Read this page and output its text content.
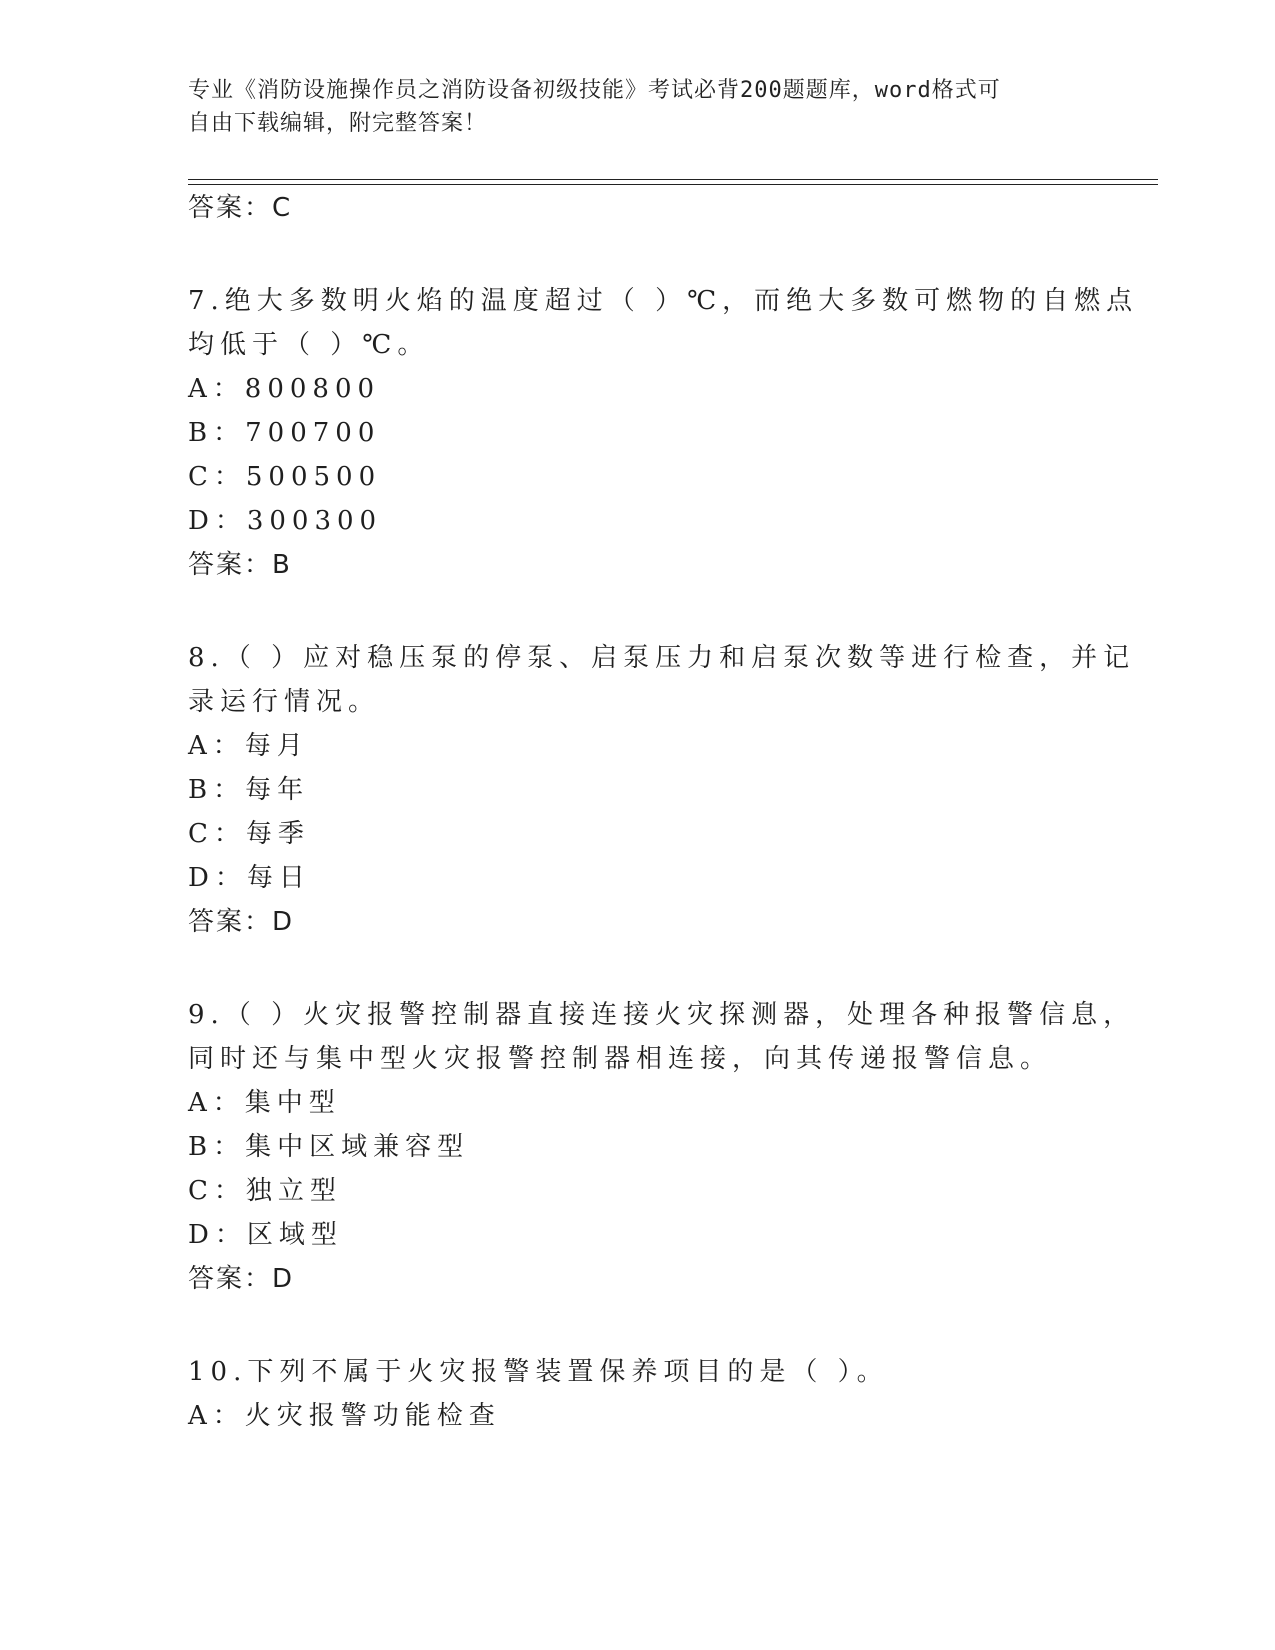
专业《消防设施操作员之消防设备初级技能》考试必背200题题库，word格式可
自由下载编辑，附完整答案！
答案：C
7.绝大多数明火焰的温度超过（ ）℃，而绝大多数可燃物的自燃点
均低于（ ）℃。
A：800800
B：700700
C：500500
D：300300
答案：B
8.（ ）应对稳压泵的停泵、启泵压力和启泵次数等进行检查，并记
录运行情况。
A：每月
B：每年
C：每季
D：每日
答案：D
9.（ ）火灾报警控制器直接连接火灾探测器，处理各种报警信息，
同时还与集中型火灾报警控制器相连接，向其传递报警信息。
A：集中型
B：集中区域兼容型
C：独立型
D：区域型
答案：D
10.下列不属于火灾报警装置保养项目的是（ ）。
A：火灾报警功能检查
